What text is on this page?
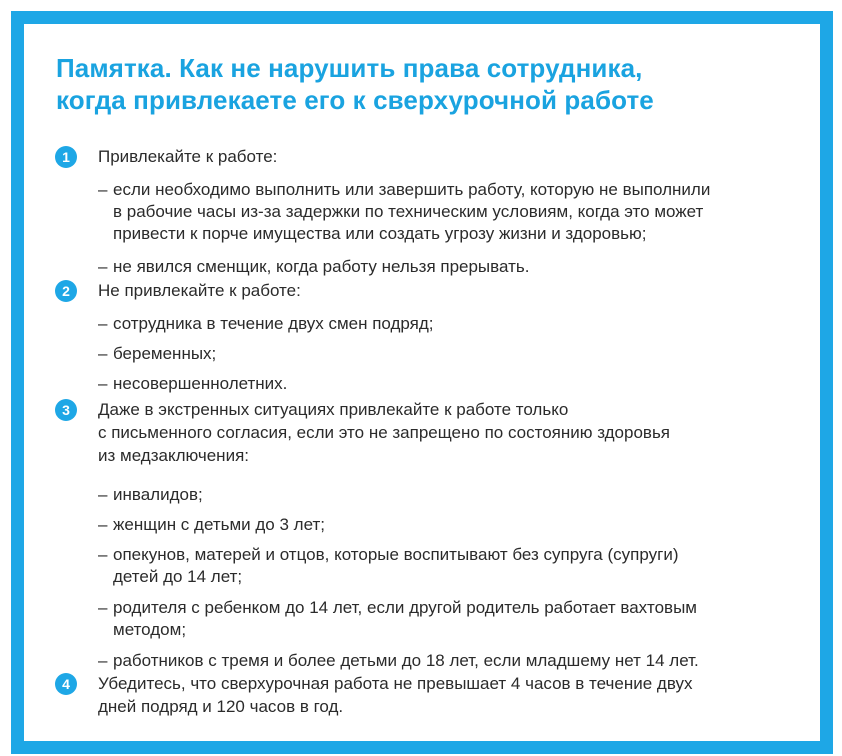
Памятка. Как не нарушить права сотрудника,
когда привлекаете его к сверхурочной работе
1	Привлекайте к работе:
– если необходимо выполнить или завершить работу, которую не выполнили
в рабочие часы из-за задержки по техническим условиям, когда это может
привести к порче имущества или создать угрозу жизни и здоровью;
– не явился сменщик, когда работу нельзя прерывать.
2	Не привлекайте к работе:
– сотрудника в течение двух смен подряд;
– беременных;
– несовершеннолетних.
3	Даже в экстренных ситуациях привлекайте к работе только
с письменного согласия, если это не запрещено по состоянию здоровья
из медзаключения:
– инвалидов;
– женщин с детьми до 3 лет;
– опекунов, матерей и отцов, которые воспитывают без супруга (супруги)
детей до 14 лет;
– родителя с ребенком до 14 лет, если другой родитель работает вахтовым
методом;
– работников с тремя и более детьми до 18 лет, если младшему нет 14 лет.
4	Убедитесь, что сверхурочная работа не превышает 4 часов в течение двух
дней подряд и 120 часов в год.
